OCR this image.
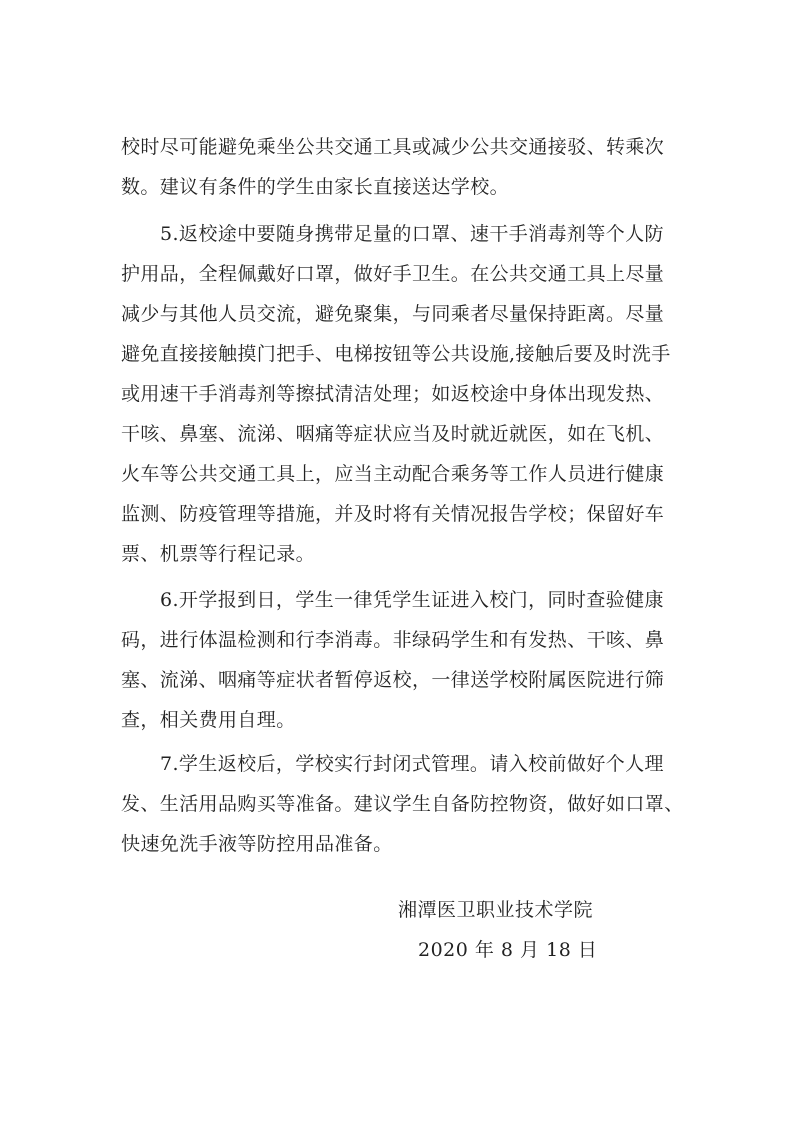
校时尽可能避免乘坐公共交通工具或减少公共交通接驳、转乘次
数。建议有条件的学生由家长直接送达学校。
5.返校途中要随身携带足量的口罩、速干手消毒剂等个人防
护用品，全程佩戴好口罩，做好手卫生。在公共交通工具上尽量
减少与其他人员交流，避免聚集，与同乘者尽量保持距离。尽量
避免直接接触摸门把手、电梯按钮等公共设施,接触后要及时洗手
或用速干手消毒剂等擦拭清洁处理；如返校途中身体出现发热、
干咳、鼻塞、流涕、咽痛等症状应当及时就近就医，如在飞机、
火车等公共交通工具上，应当主动配合乘务等工作人员进行健康
监测、防疫管理等措施，并及时将有关情况报告学校；保留好车
票、机票等行程记录。
6.开学报到日，学生一律凭学生证进入校门，同时查验健康
码，进行体温检测和行李消毒。非绿码学生和有发热、干咳、鼻
塞、流涕、咽痛等症状者暂停返校，一律送学校附属医院进行筛
查，相关费用自理。
7.学生返校后，学校实行封闭式管理。请入校前做好个人理
发、生活用品购买等准备。建议学生自备防控物资，做好如口罩、
快速免洗手液等防控用品准备。
湘潭医卫职业技术学院
2020 年 8 月 18 日
